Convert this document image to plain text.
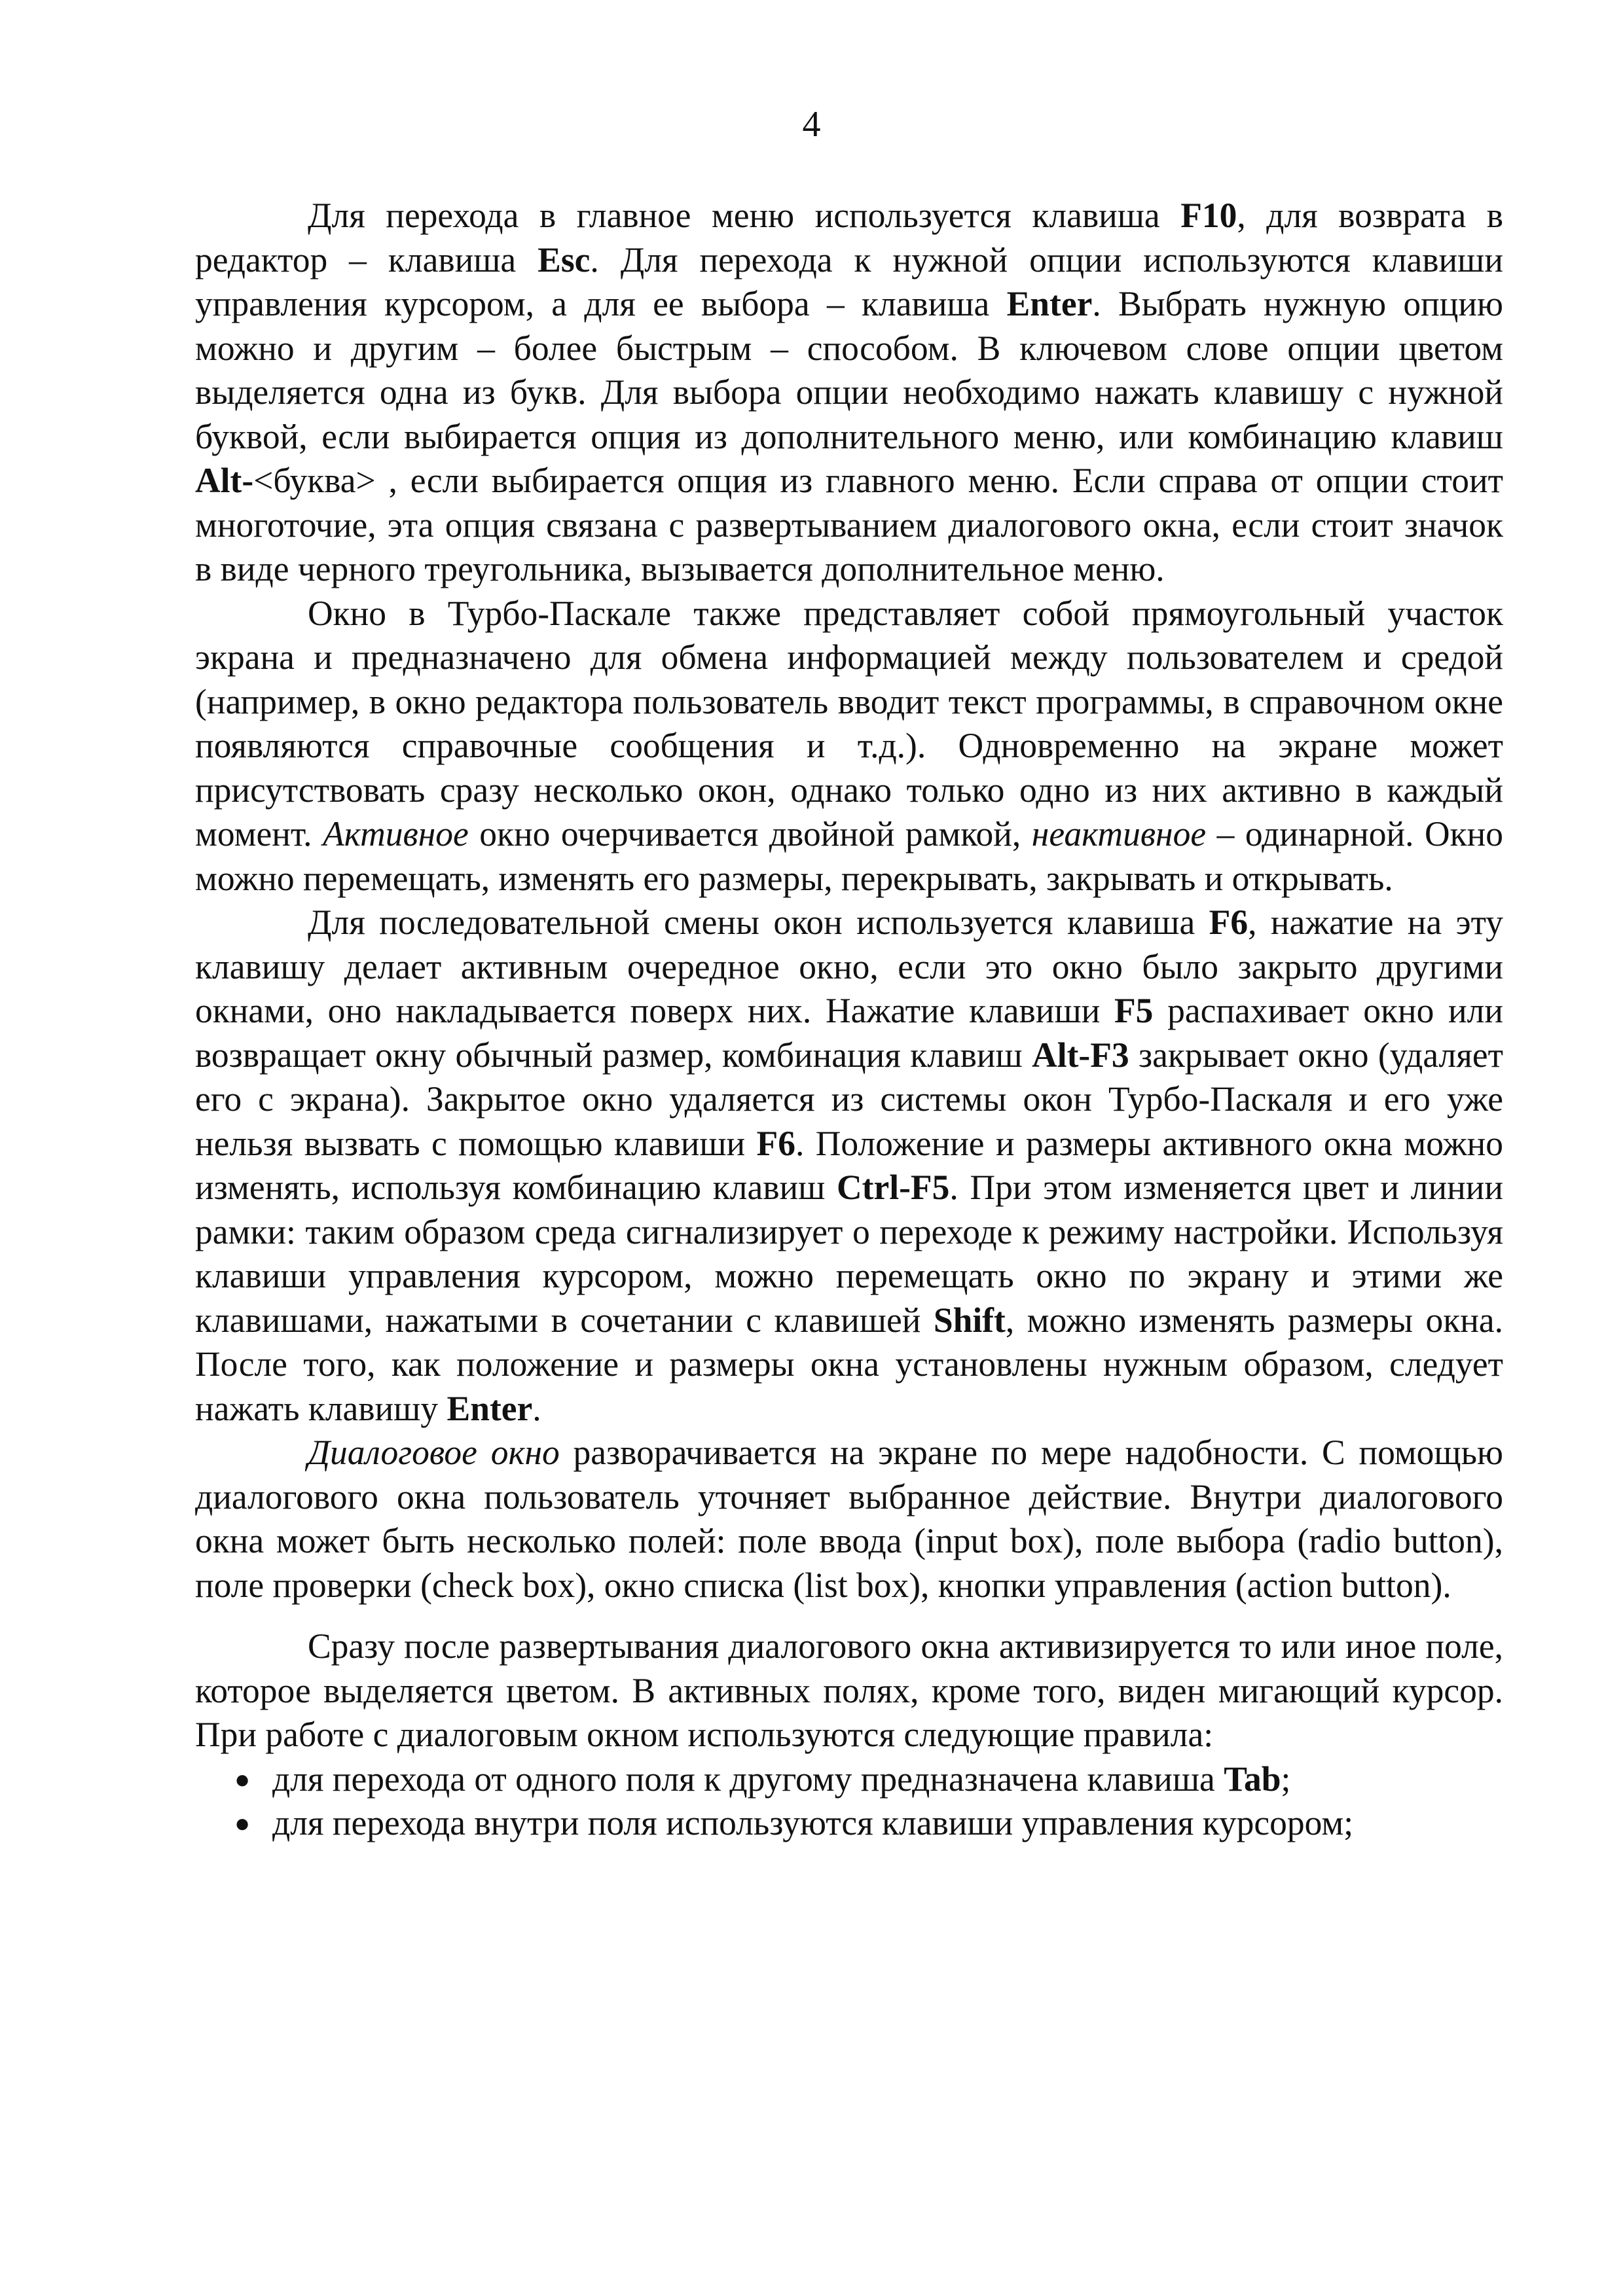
4

Для перехода в главное меню используется клавиша F10, для возврата в редактор – клавиша Esc. Для перехода к нужной опции используются клавиши управления курсором, а для ее выбора – клавиша Enter. Выбрать нужную опцию можно и другим – более быстрым – способом. В ключевом слове опции цветом выделяется одна из букв. Для выбора опции необходимо нажать клавишу с нужной буквой, если выбирается опция из дополнительного меню, или комбинацию клавиш Alt-<буква> , если выбирается опция из главного меню. Если справа от опции стоит многоточие, эта опция связана с развертыванием диалогового окна, если стоит значок в виде черного треугольника, вызывается дополнительное меню.

Окно в Турбо-Паскале также представляет собой прямоугольный участок экрана и предназначено для обмена информацией между пользователем и средой (например, в окно редактора пользователь вводит текст программы, в справочном окне появляются справочные сообщения и т.д.). Одновременно на экране может присутствовать сразу несколько окон, однако только одно из них активно в каждый момент. Активное окно очерчивается двойной рамкой, неактивное – одинарной. Окно можно перемещать, изменять его размеры, перекрывать, закрывать и открывать.

Для последовательной смены окон используется клавиша F6, нажатие на эту клавишу делает активным очередное окно, если это окно было закрыто другими окнами, оно накладывается поверх них. Нажатие клавиши F5 распахивает окно или возвращает окну обычный размер, комбинация клавиш Alt-F3 закрывает окно (удаляет его с экрана). Закрытое окно удаляется из системы окон Турбо-Паскаля и его уже нельзя вызвать с помощью клавиши F6. Положение и размеры активного окна можно изменять, используя комбинацию клавиш Ctrl-F5. При этом изменяется цвет и линии рамки: таким образом среда сигнализирует о переходе к режиму настройки. Используя клавиши управления курсором, можно перемещать окно по экрану и этими же клавишами, нажатыми в сочетании с клавишей Shift, можно изменять размеры окна. После того, как положение и размеры окна установлены нужным образом, следует нажать клавишу Enter.

Диалоговое окно разворачивается на экране по мере надобности. С помощью диалогового окна пользователь уточняет выбранное действие. Внутри диалогового окна может быть несколько полей: поле ввода (input box), поле выбора (radio button), поле проверки (check box), окно списка (list box), кнопки управления (action button).

Сразу после развертывания диалогового окна активизируется то или иное поле, которое выделяется цветом. В активных полях, кроме того, виден мигающий курсор. При работе с диалоговым окном используются следующие правила:

● для перехода от одного поля к другому предназначена клавиша Tab;
● для перехода внутри поля используются клавиши управления курсором;
